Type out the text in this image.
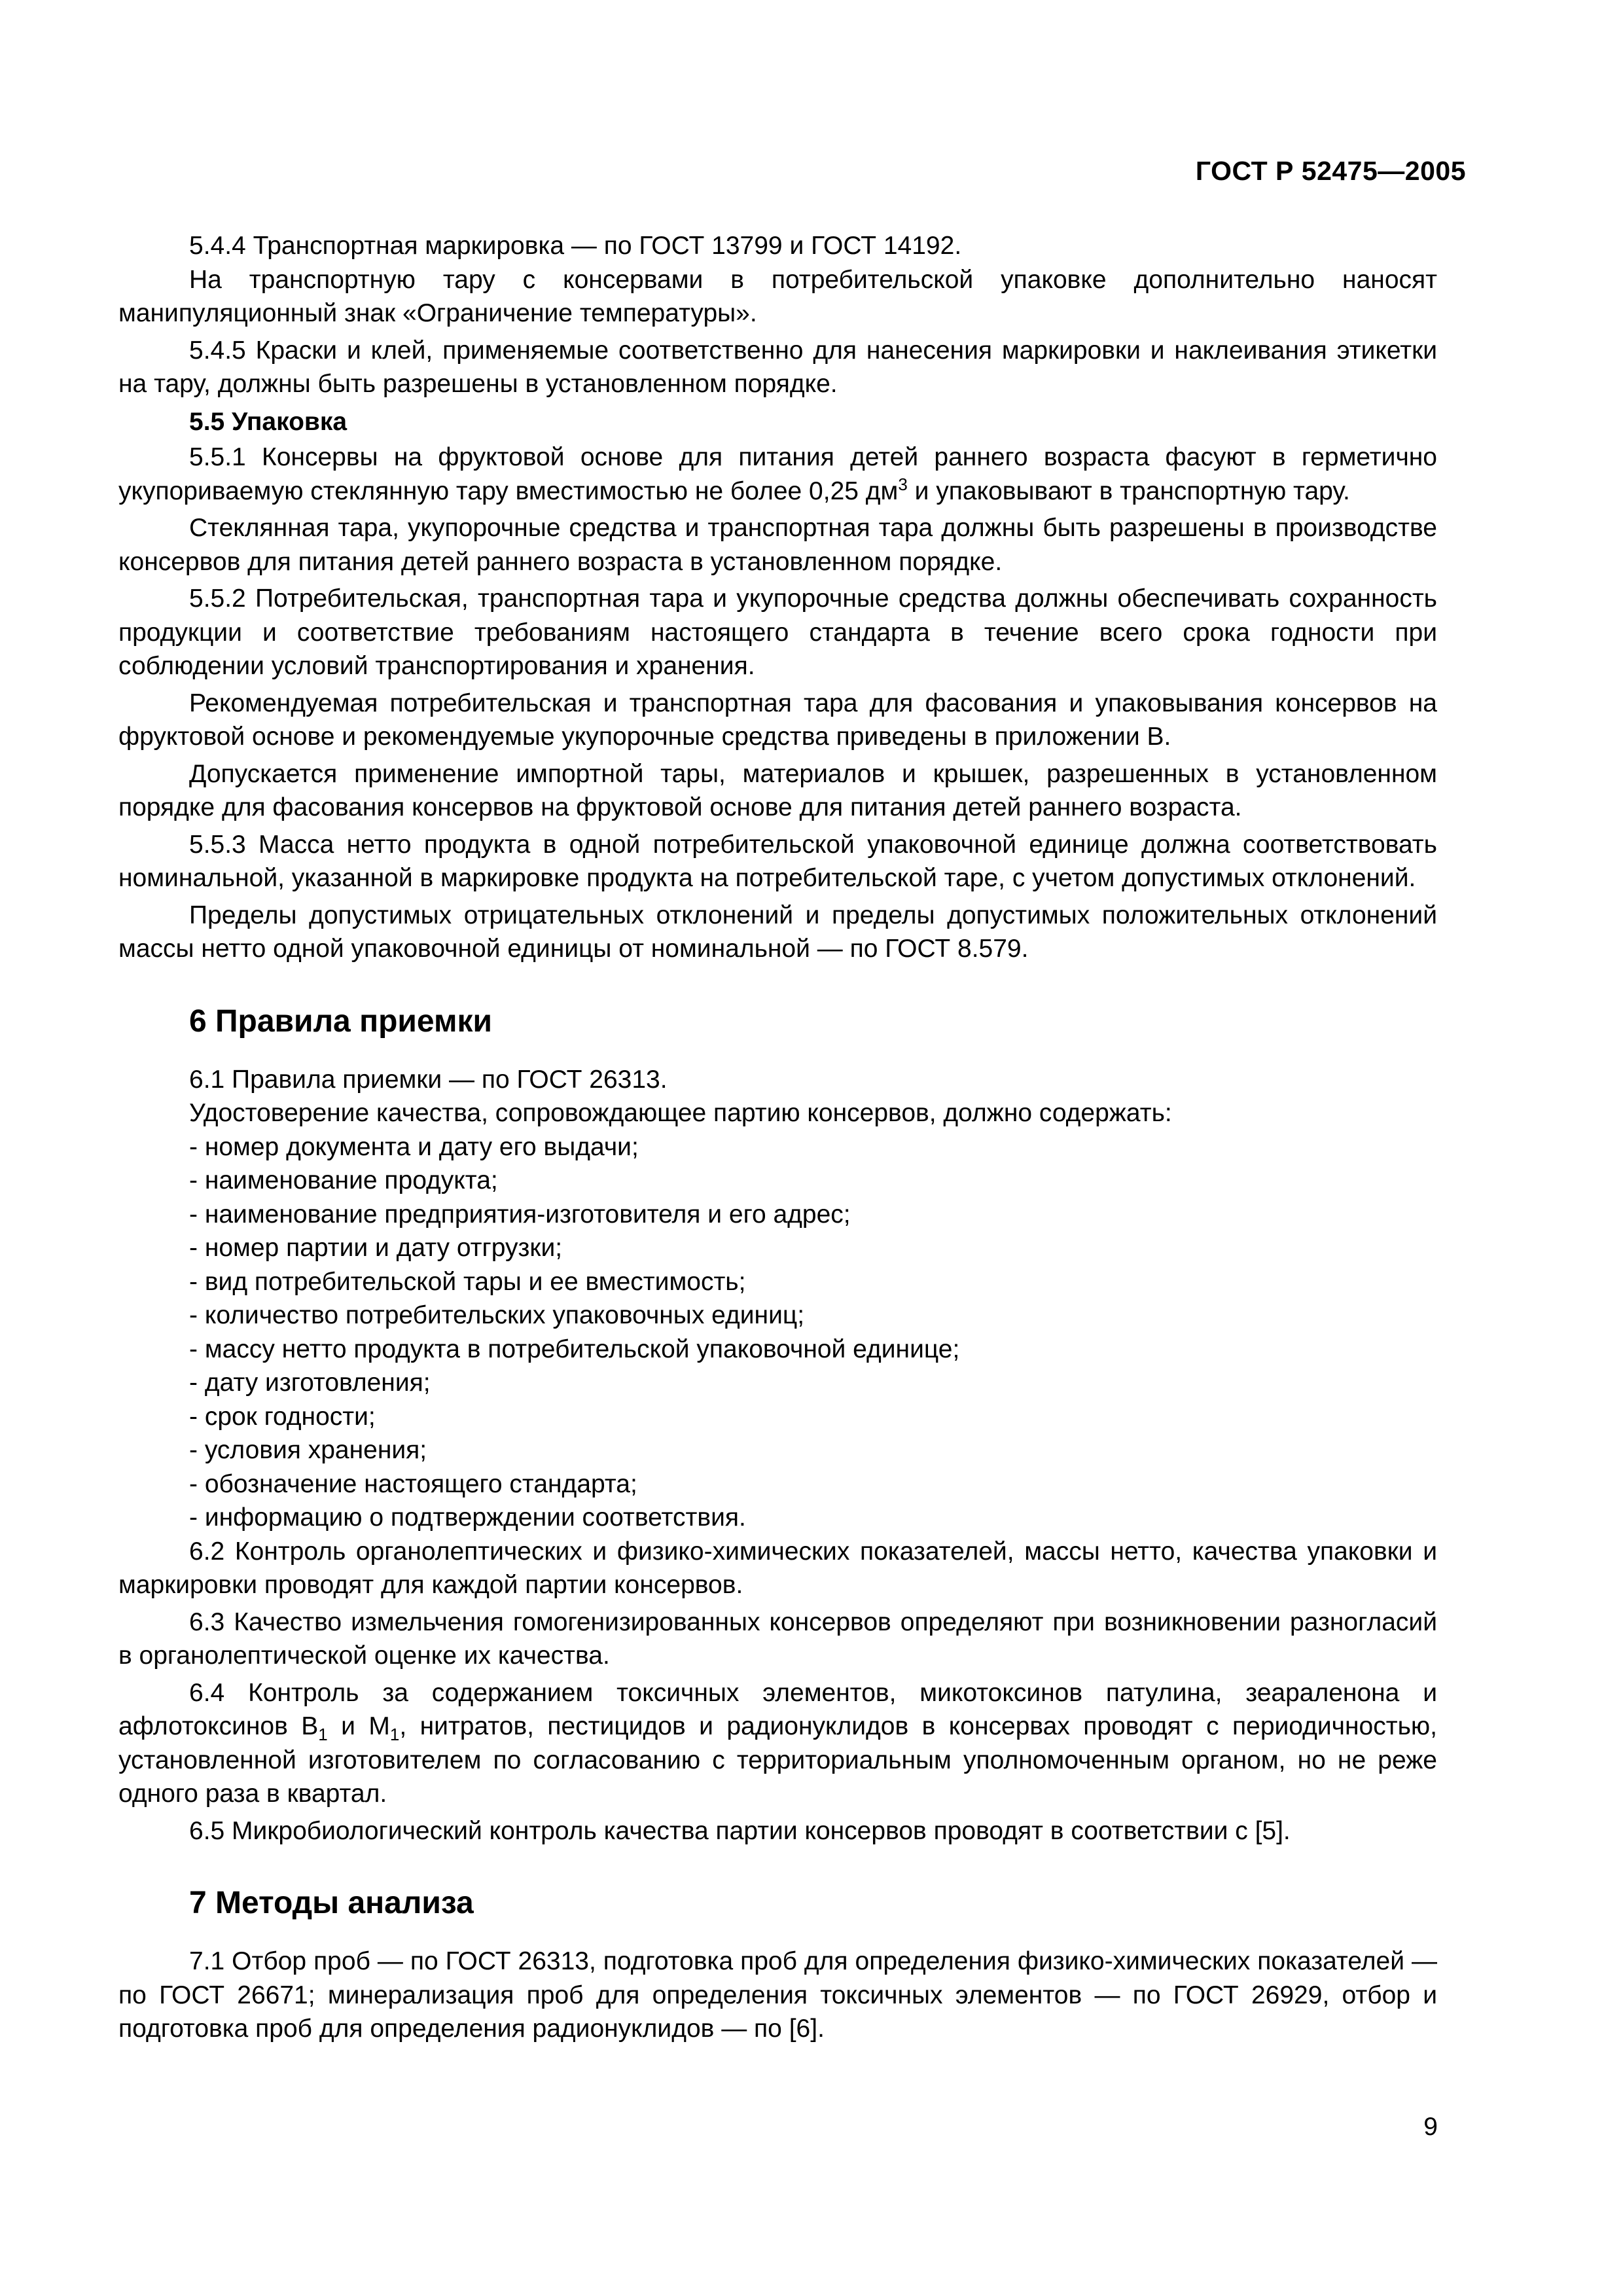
ГОСТ Р 52475—2005

5.4.4 Транспортная маркировка — по ГОСТ 13799 и ГОСТ 14192.

На транспортную тару с консервами в потребительской упаковке дополнительно наносят манипуляционный знак «Ограничение температуры».

5.4.5 Краски и клей, применяемые соответственно для нанесения маркировки и наклеивания этикетки на тару, должны быть разрешены в установленном порядке.

5.5 Упаковка

5.5.1 Консервы на фруктовой основе для питания детей раннего возраста фасуют в герметично укупориваемую стеклянную тару вместимостью не более 0,25 $дм^3$ и упаковывают в транспортную тару.

Стеклянная тара, укупорочные средства и транспортная тара должны быть разрешены в производстве консервов для питания детей раннего возраста в установленном порядке.

5.5.2 Потребительская, транспортная тара и укупорочные средства должны обеспечивать сохранность продукции и соответствие требованиям настоящего стандарта в течение всего срока годности при соблюдении условий транспортирования и хранения.

Рекомендуемая потребительская и транспортная тара для фасования и упаковывания консервов на фруктовой основе и рекомендуемые укупорочные средства приведены в приложении В.

Допускается применение импортной тары, материалов и крышек, разрешенных в установленном порядке для фасования консервов на фруктовой основе для питания детей раннего возраста.

5.5.3 Масса нетто продукта в одной потребительской упаковочной единице должна соответствовать номинальной, указанной в маркировке продукта на потребительской таре, с учетом допустимых отклонений.

Пределы допустимых отрицательных отклонений и пределы допустимых положительных отклонений массы нетто одной упаковочной единицы от номинальной — по ГОСТ 8.579.

6 Правила приемки

6.1 Правила приемки — по ГОСТ 26313.

Удостоверение качества, сопровождающее партию консервов, должно содержать:

- номер документа и дату его выдачи;
- наименование продукта;
- наименование предприятия-изготовителя и его адрес;
- номер партии и дату отгрузки;
- вид потребительской тары и ее вместимость;
- количество потребительских упаковочных единиц;
- массу нетто продукта в потребительской упаковочной единице;
- дату изготовления;
- срок годности;
- условия хранения;
- обозначение настоящего стандарта;
- информацию о подтверждении соответствия.

6.2 Контроль органолептических и физико-химических показателей, массы нетто, качества упаковки и маркировки проводят для каждой партии консервов.

6.3 Качество измельчения гомогенизированных консервов определяют при возникновении разногласий в органолептической оценке их качества.

6.4 Контроль за содержанием токсичных элементов, микотоксинов патулина, зеараленона и афлотоксинов $В_1$ и $М_1$, нитратов, пестицидов и радионуклидов в консервах проводят с периодичностью, установленной изготовителем по согласованию с территориальным уполномоченным органом, но не реже одного раза в квартал.

6.5 Микробиологический контроль качества партии консервов проводят в соответствии с [5].

7 Методы анализа

7.1 Отбор проб — по ГОСТ 26313, подготовка проб для определения физико-химических показателей — по ГОСТ 26671; минерализация проб для определения токсичных элементов — по ГОСТ 26929, отбор и подготовка проб для определения радионуклидов — по [6].

9
